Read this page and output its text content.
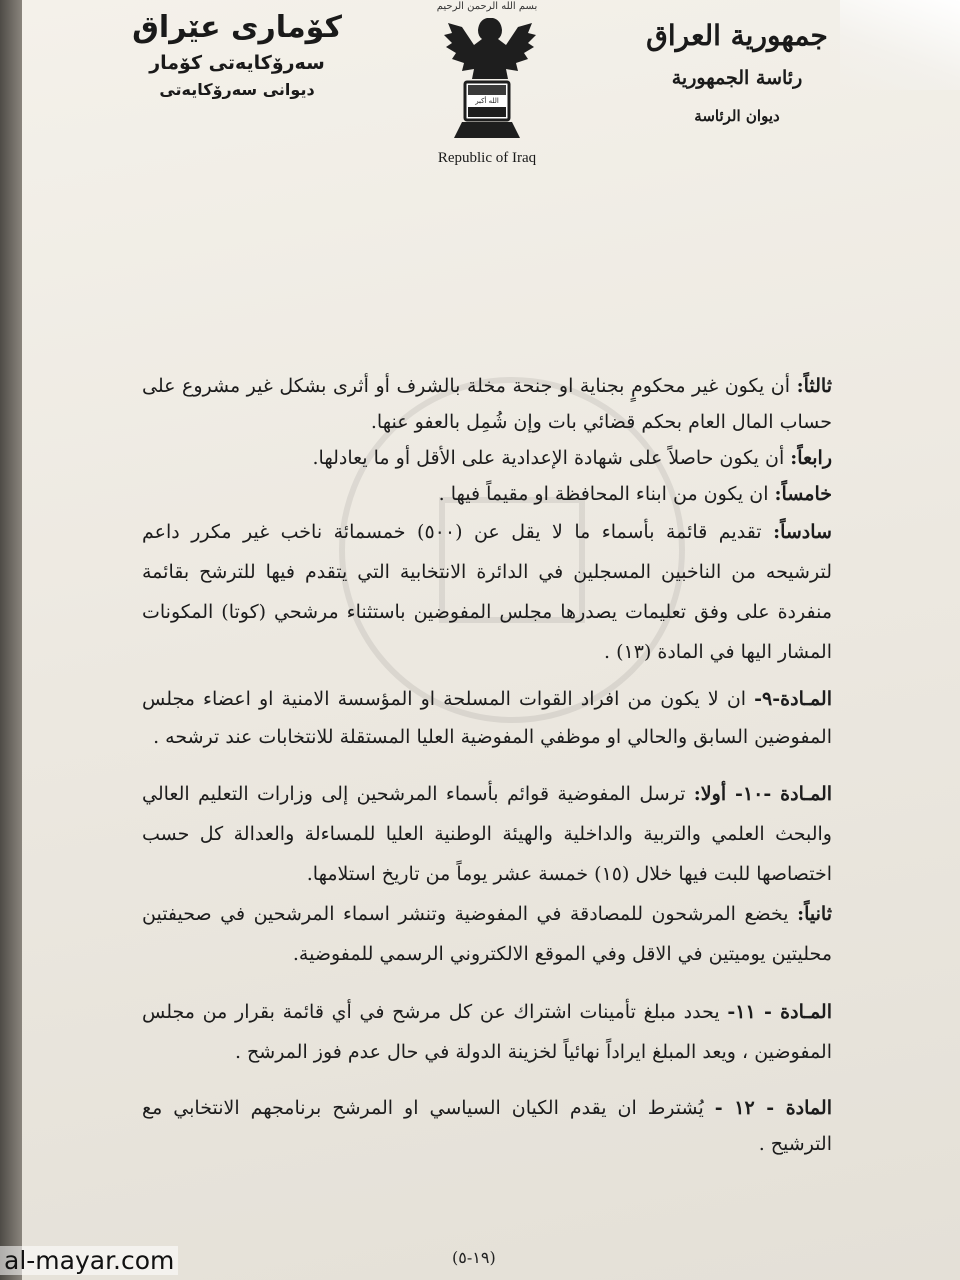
كۆماری عێراق
سەرۆكایەتی كۆمار
دیوانی سەرۆكایەتی
بسم الله الرحمن الرحيم
الله أكبر
Republic of Iraq
جمهورية العراق
رئاسة الجمهورية
ديوان الرئاسة

ثالثاً: أن يكون غير محكومٍ بجناية او جنحة مخلة بالشرف أو أثرى بشكل غير مشروع على حساب المال العام بحكم قضائي بات وإن شُمِل بالعفو عنها.

رابعاً: أن يكون حاصلاً على شهادة الإعدادية على الأقل أو ما يعادلها.

خامساً: ان يكون من ابناء المحافظة او مقيماً فيها .

سادساً: تقديم قائمة بأسماء ما لا يقل عن (٥٠٠) خمسمائة ناخب غير مكرر داعم لترشيحه من الناخبين المسجلين في الدائرة الانتخابية التي يتقدم فيها للترشح بقائمة منفردة على وفق تعليمات يصدرها مجلس المفوضين باستثناء مرشحي (كوتا) المكونات المشار اليها في المادة (١٣) .

المـادة-٩- ان لا يكون من افراد القوات المسلحة او المؤسسة الامنية او اعضاء مجلس المفوضين السابق والحالي او موظفي المفوضية العليا المستقلة للانتخابات عند ترشحه .

المـادة -١٠- أولا: ترسل المفوضية قوائم بأسماء المرشحين إلى وزارات التعليم العالي والبحث العلمي والتربية والداخلية والهيئة الوطنية العليا للمساءلة والعدالة كل حسب اختصاصها للبت فيها خلال (١٥) خمسة عشر يوماً من تاريخ استلامها.

ثانياً: يخضع المرشحون للمصادقة في المفوضية وتنشر اسماء المرشحين في صحيفتين محليتين يوميتين في الاقل وفي الموقع الالكتروني الرسمي للمفوضية.

المـادة - ١١- يحدد مبلغ تأمينات اشتراك عن كل مرشح في أي قائمة بقرار من مجلس المفوضين ، ويعد المبلغ ايراداً نهائياً لخزينة الدولة في حال عدم فوز المرشح .

المادة - ١٢ - يُشترط ان يقدم الكيان السياسي او المرشح برنامجهم الانتخابي مع الترشيح .

(١٩-٥)
al-mayar.com
